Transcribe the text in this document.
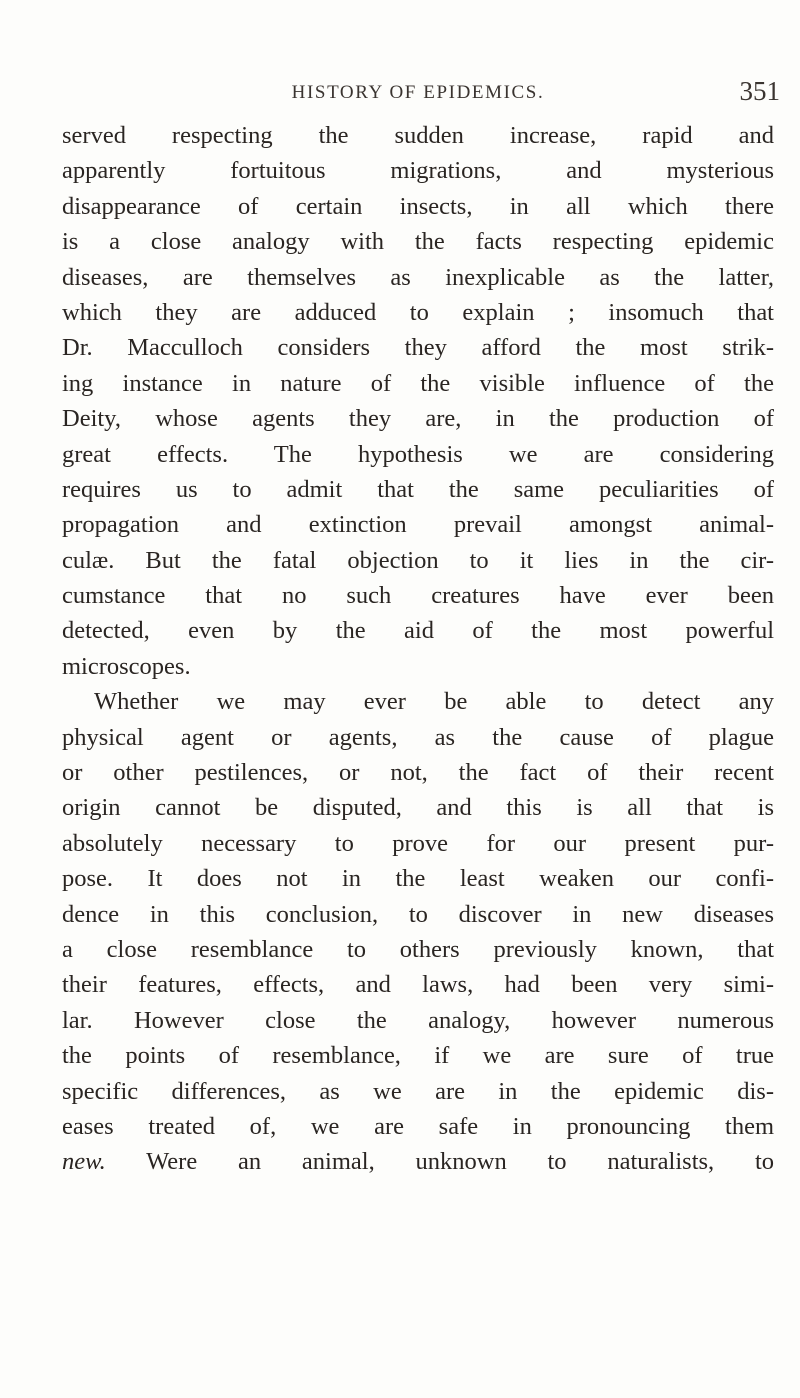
HISTORY OF EPIDEMICS.	351
served respecting the sudden increase, rapid and
apparently fortuitous migrations, and mysterious
disappearance of certain insects, in all which there
is a close analogy with the facts respecting epidemic
diseases, are themselves as inexplicable as the latter,
which they are adduced to explain ; insomuch that
Dr. Macculloch considers they afford the most strik-
ing instance in nature of the visible influence of the
Deity, whose agents they are, in the production of
great effects. The hypothesis we are considering
requires us to admit that the same peculiarities of
propagation and extinction prevail amongst animal-
culæ. But the fatal objection to it lies in the cir-
cumstance that no such creatures have ever been
detected, even by the aid of the most powerful
microscopes.
Whether we may ever be able to detect any
physical agent or agents, as the cause of plague
or other pestilences, or not, the fact of their recent
origin cannot be disputed, and this is all that is
absolutely necessary to prove for our present pur-
pose. It does not in the least weaken our confi-
dence in this conclusion, to discover in new diseases
a close resemblance to others previously known, that
their features, effects, and laws, had been very simi-
lar. However close the analogy, however numerous
the points of resemblance, if we are sure of true
specific differences, as we are in the epidemic dis-
eases treated of, we are safe in pronouncing them
new. Were an animal, unknown to naturalists, to
